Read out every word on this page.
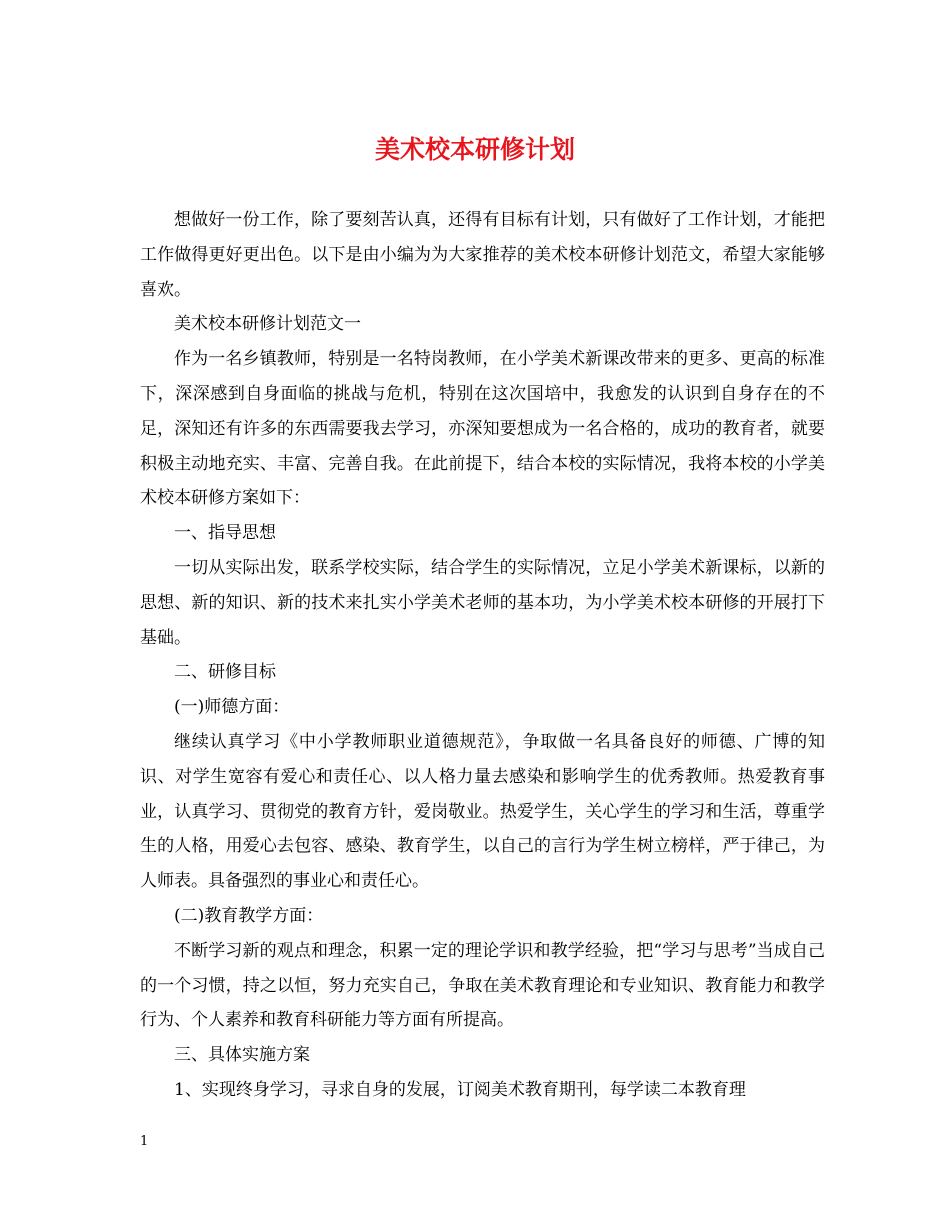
美术校本研修计划

想做好一份工作，除了要刻苦认真，还得有目标有计划，只有做好了工作计划，才能把工作做得更好更出色。以下是由小编为为大家推荐的美术校本研修计划范文，希望大家能够喜欢。

美术校本研修计划范文一

作为一名乡镇教师，特别是一名特岗教师，在小学美术新课改带来的更多、更高的标准下，深深感到自身面临的挑战与危机，特别在这次国培中，我愈发的认识到自身存在的不足，深知还有许多的东西需要我去学习，亦深知要想成为一名合格的，成功的教育者，就要积极主动地充实、丰富、完善自我。在此前提下，结合本校的实际情况，我将本校的小学美术校本研修方案如下：

一、指导思想

一切从实际出发，联系学校实际，结合学生的实际情况，立足小学美术新课标，以新的思想、新的知识、新的技术来扎实小学美术老师的基本功，为小学美术校本研修的开展打下基础。

二、研修目标

(一)师德方面：

继续认真学习《中小学教师职业道德规范》，争取做一名具备良好的师德、广博的知识、对学生宽容有爱心和责任心、以人格力量去感染和影响学生的优秀教师。热爱教育事业，认真学习、贯彻党的教育方针，爱岗敬业。热爱学生，关心学生的学习和生活，尊重学生的人格，用爱心去包容、感染、教育学生，以自己的言行为学生树立榜样，严于律己，为人师表。具备强烈的事业心和责任心。

(二)教育教学方面：

不断学习新的观点和理念，积累一定的理论学识和教学经验，把“学习与思考”当成自己的一个习惯，持之以恒，努力充实自己，争取在美术教育理论和专业知识、教育能力和教学行为、个人素养和教育科研能力等方面有所提高。

三、具体实施方案

1、实现终身学习，寻求自身的发展，订阅美术教育期刊，每学读二本教育理

1
